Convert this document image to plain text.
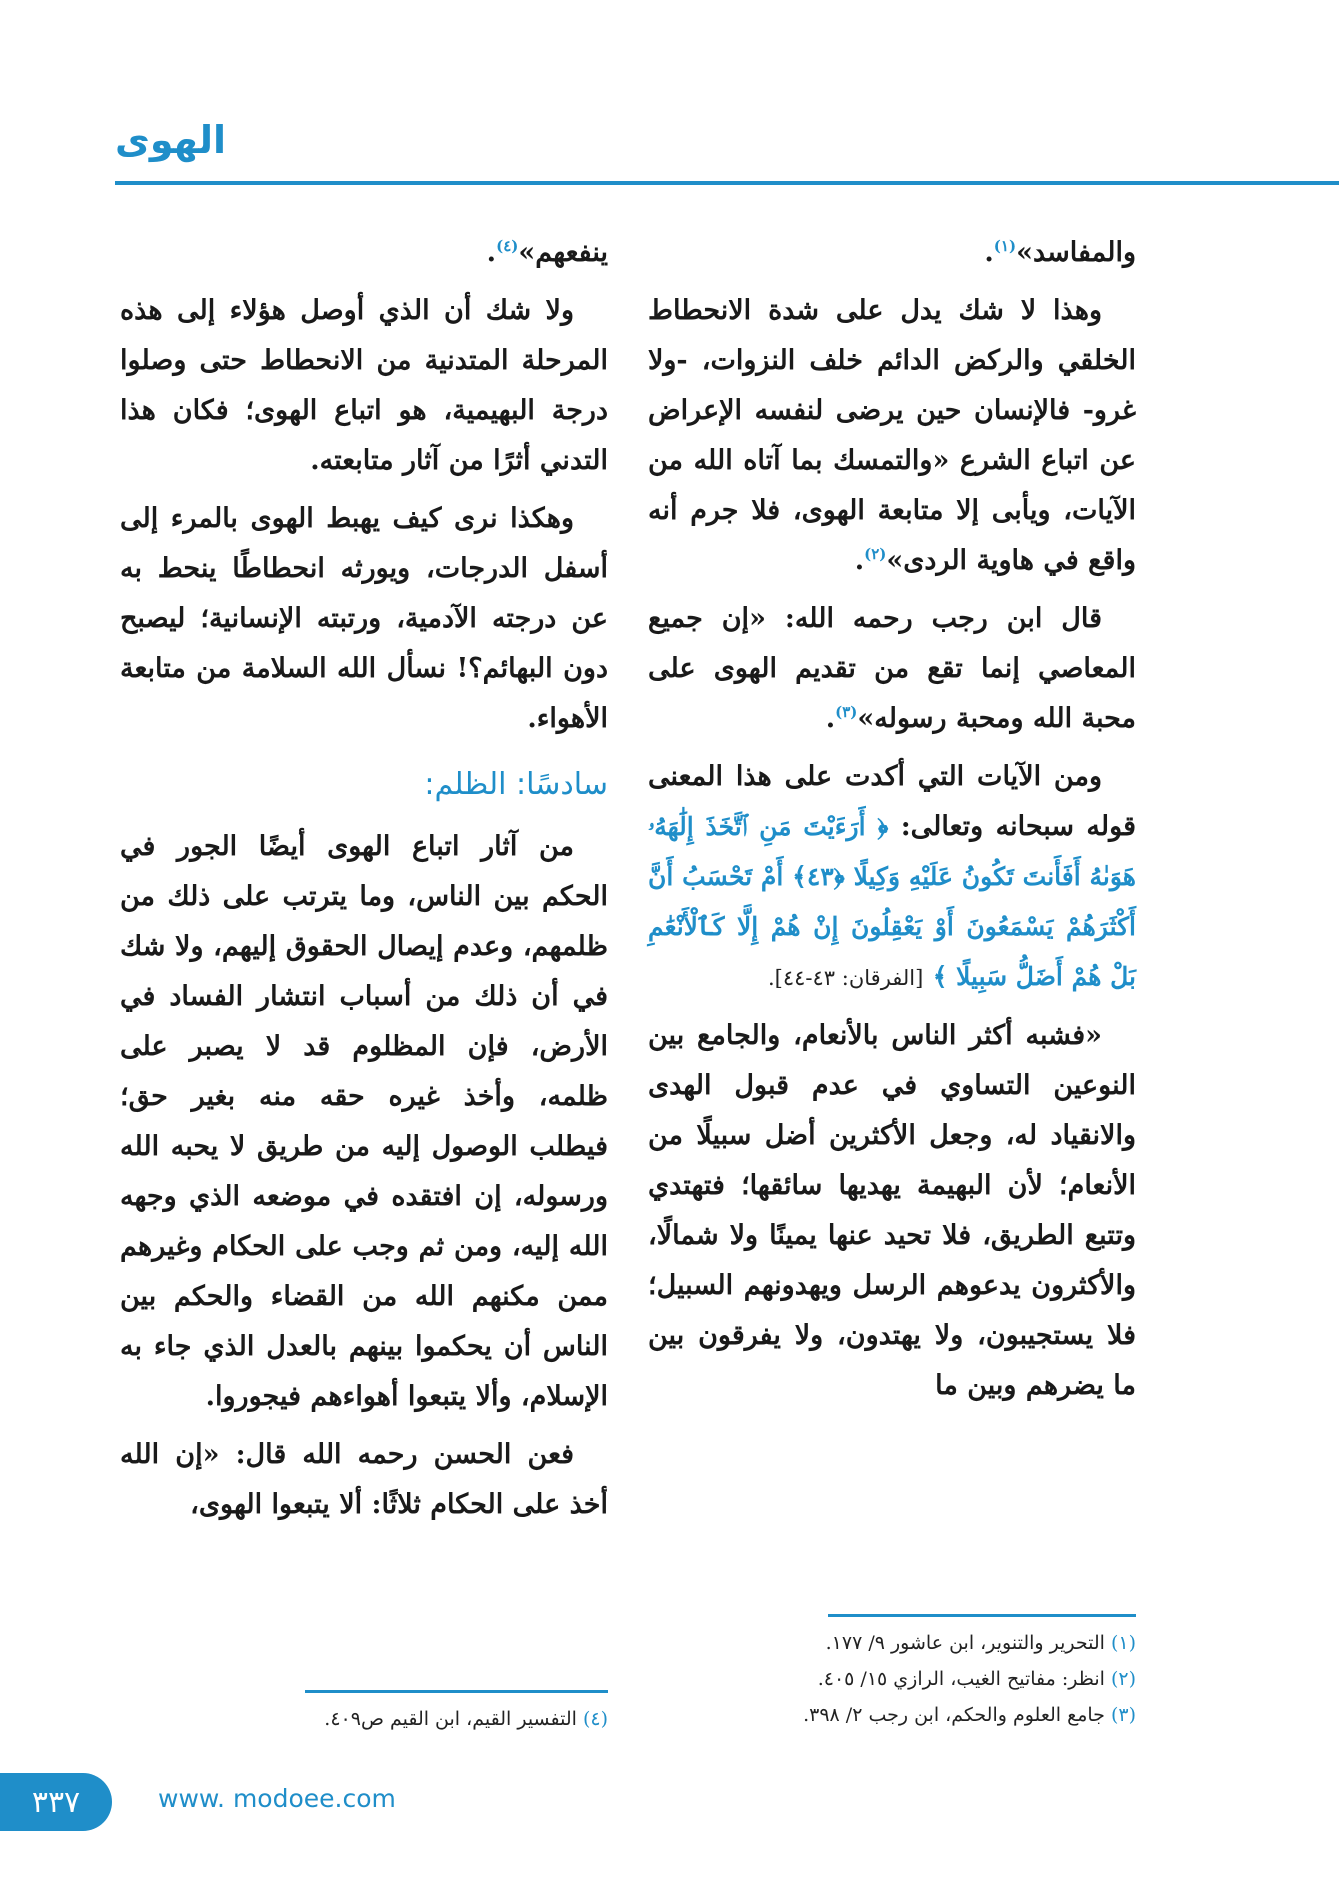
الهوى

والمفاسد»$^{(١)}$.

وهذا لا شك يدل على شدة الانحطاط الخلقي والركض الدائم خلف النزوات، -ولا غرو- فالإنسان حين يرضى لنفسه الإعراض عن اتباع الشرع «والتمسك بما آتاه الله من الآيات، ويأبى إلا متابعة الهوى، فلا جرم أنه واقع في هاوية الردى»$^{(٢)}$.

قال ابن رجب رحمه الله: «إن جميع المعاصي إنما تقع من تقديم الهوى على محبة الله ومحبة رسوله»$^{(٣)}$.

ومن الآيات التي أكدت على هذا المعنى قوله سبحانه وتعالى: ﴿ أَرَءَيْتَ مَنِ ٱتَّخَذَ إِلَٰهَهُۥ هَوَىٰهُ أَفَأَنتَ تَكُونُ عَلَيْهِ وَكِيلًا ﴿٤٣﴾ أَمْ تَحْسَبُ أَنَّ أَكْثَرَهُمْ يَسْمَعُونَ أَوْ يَعْقِلُونَ إِنْ هُمْ إِلَّا كَٱلْأَنْعَٰمِ بَلْ هُمْ أَضَلُّ سَبِيلًا ﴾ [الفرقان: ٤٣-٤٤].

«فشبه أكثر الناس بالأنعام، والجامع بين النوعين التساوي في عدم قبول الهدى والانقياد له، وجعل الأكثرين أضل سبيلًا من الأنعام؛ لأن البهيمة يهديها سائقها؛ فتهتدي وتتبع الطريق، فلا تحيد عنها يمينًا ولا شمالًا، والأكثرون يدعوهم الرسل ويهدونهم السبيل؛ فلا يستجيبون، ولا يهتدون، ولا يفرقون بين ما يضرهم وبين ما

ينفعهم»$^{(٤)}$.

ولا شك أن الذي أوصل هؤلاء إلى هذه المرحلة المتدنية من الانحطاط حتى وصلوا درجة البهيمية، هو اتباع الهوى؛ فكان هذا التدني أثرًا من آثار متابعته.

وهكذا نرى كيف يهبط الهوى بالمرء إلى أسفل الدرجات، ويورثه انحطاطًا ينحط به عن درجته الآدمية، ورتبته الإنسانية؛ ليصبح دون البهائم؟! نسأل الله السلامة من متابعة الأهواء.

سادسًا: الظلم:

من آثار اتباع الهوى أيضًا الجور في الحكم بين الناس، وما يترتب على ذلك من ظلمهم، وعدم إيصال الحقوق إليهم، ولا شك في أن ذلك من أسباب انتشار الفساد في الأرض، فإن المظلوم قد لا يصبر على ظلمه، وأخذ غيره حقه منه بغير حق؛ فيطلب الوصول إليه من طريق لا يحبه الله ورسوله، إن افتقده في موضعه الذي وجهه الله إليه، ومن ثم وجب على الحكام وغيرهم ممن مكنهم الله من القضاء والحكم بين الناس أن يحكموا بينهم بالعدل الذي جاء به الإسلام، وألا يتبعوا أهواءهم فيجوروا.

فعن الحسن رحمه الله قال: «إن الله أخذ على الحكام ثلاثًا: ألا يتبعوا الهوى،

(١)التحرير والتنوير، ابن عاشور ٩/ ١٧٧.
(٢)انظر: مفاتيح الغيب، الرازي ١٥/ ٤٠٥.
(٣)جامع العلوم والحكم، ابن رجب ٢/ ٣٩٨.
(٤)التفسير القيم، ابن القيم ص٤٠٩.
٣٣٧	www. modoee.com
